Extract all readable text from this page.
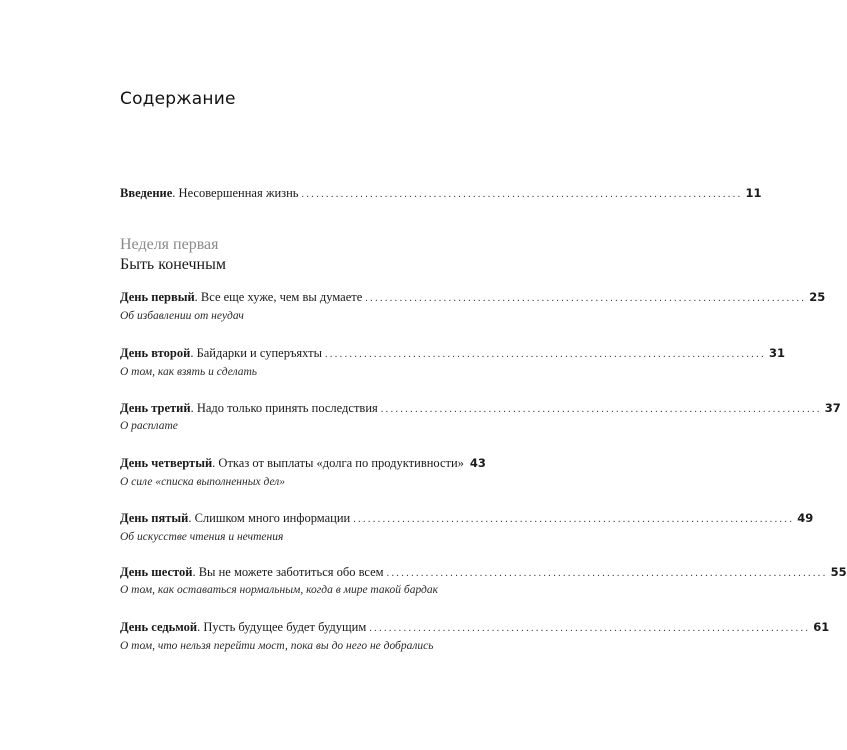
Содержание
Введение . Несовершенная жизнь .......................................................................................... 11
Неделя первая
Быть конечным
День первый . Все еще хуже, чем вы думаете .......................................................................................... 25
Об избавлении от неудач
День второй . Байдарки и суперъяхты .......................................................................................... 31
О том, как взять и сделать
День третий . Надо только принять последствия .......................................................................................... 37
О расплате
День четвертый . Отказ от выплаты «долга по продуктивности» 43
О силе «списка выполненных дел»
День пятый . Слишком много информации .......................................................................................... 49
Об искусстве чтения и нечтения
День шестой . Вы не можете заботиться обо всем .......................................................................................... 55
О том, как оставаться нормальным, когда в мире такой бардак
День седьмой . Пусть будущее будет будущим .......................................................................................... 61
О том, что нельзя перейти мост, пока вы до него не добрались
